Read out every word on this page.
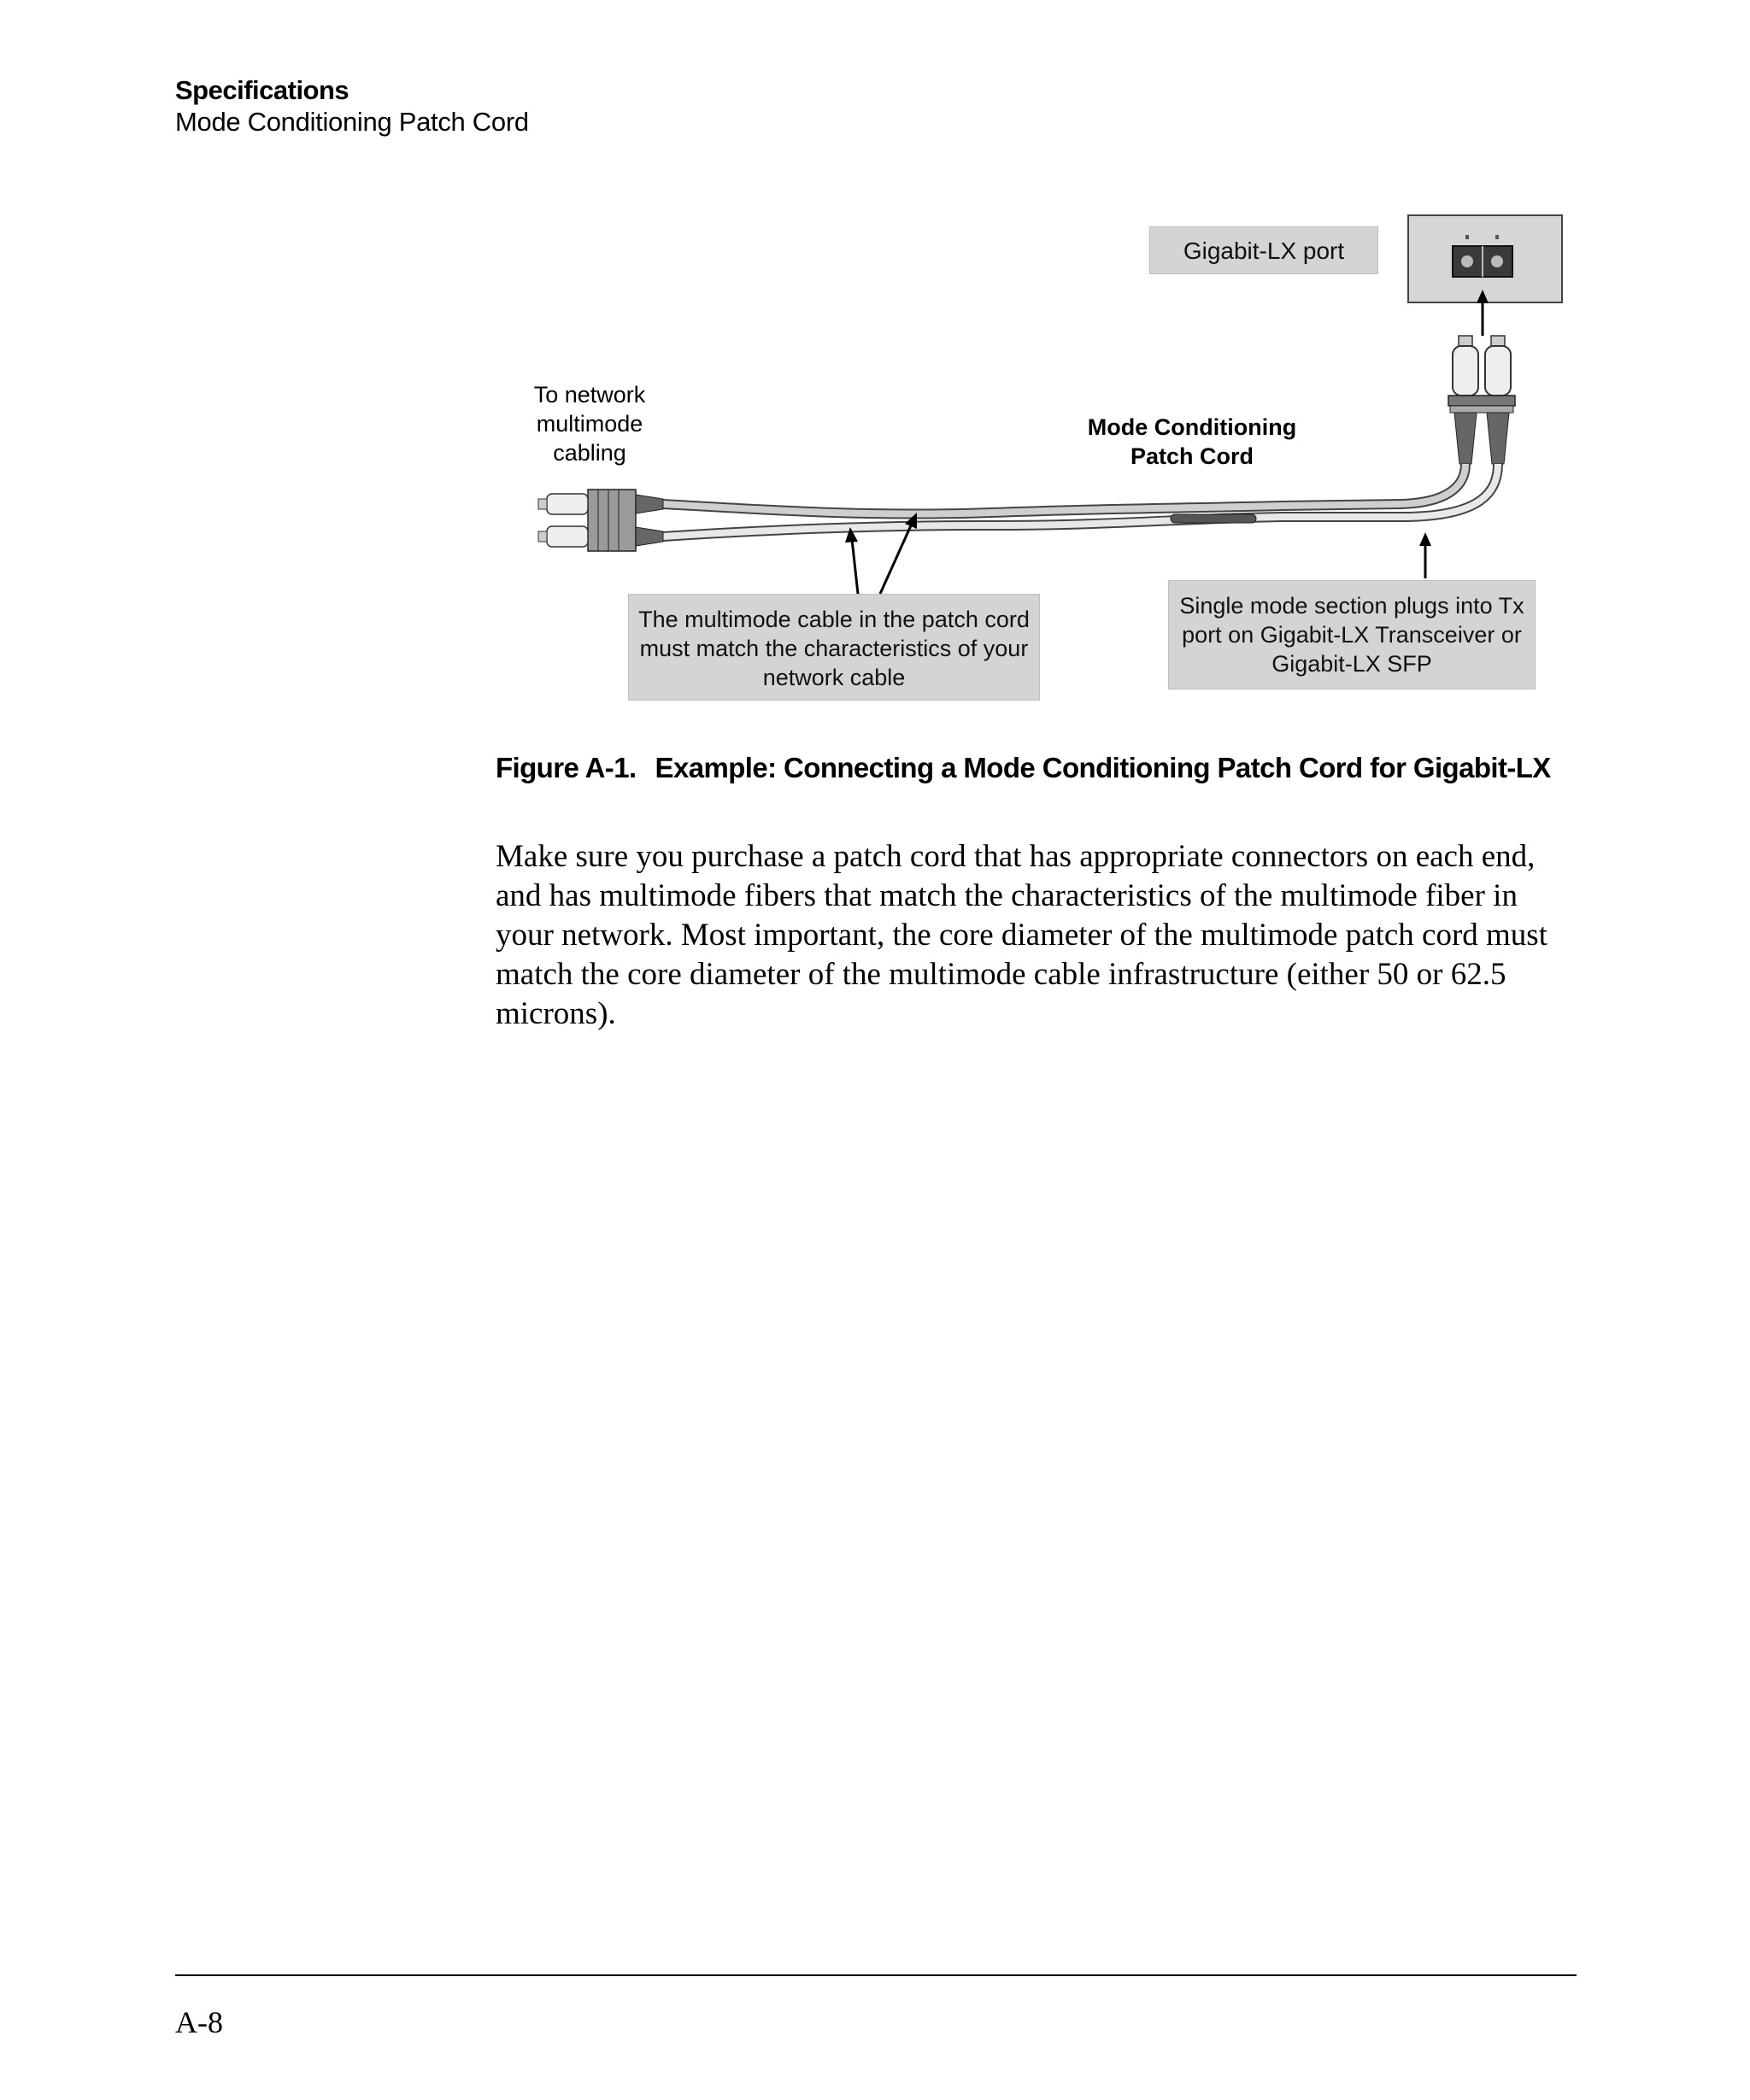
Specifications
Mode Conditioning Patch Cord
Gigabit-LX port
To network
multimode
cabling
Mode Conditioning
Patch Cord
The multimode cable in the patch cord
must match the characteristics of your
network cable
Single mode section plugs into Tx
port on Gigabit-LX Transceiver or
Gigabit-LX SFP
Figure A-1. Example: Connecting a Mode Conditioning Patch Cord for Gigabit-LX
Make sure you purchase a patch cord that has appropriate connectors on each end, and has multimode fibers that match the characteristics of the multimode fiber in your network. Most important, the core diameter of the multimode patch cord must match the core diameter of the multimode cable infrastructure (either 50 or 62.5 microns).
A-8
